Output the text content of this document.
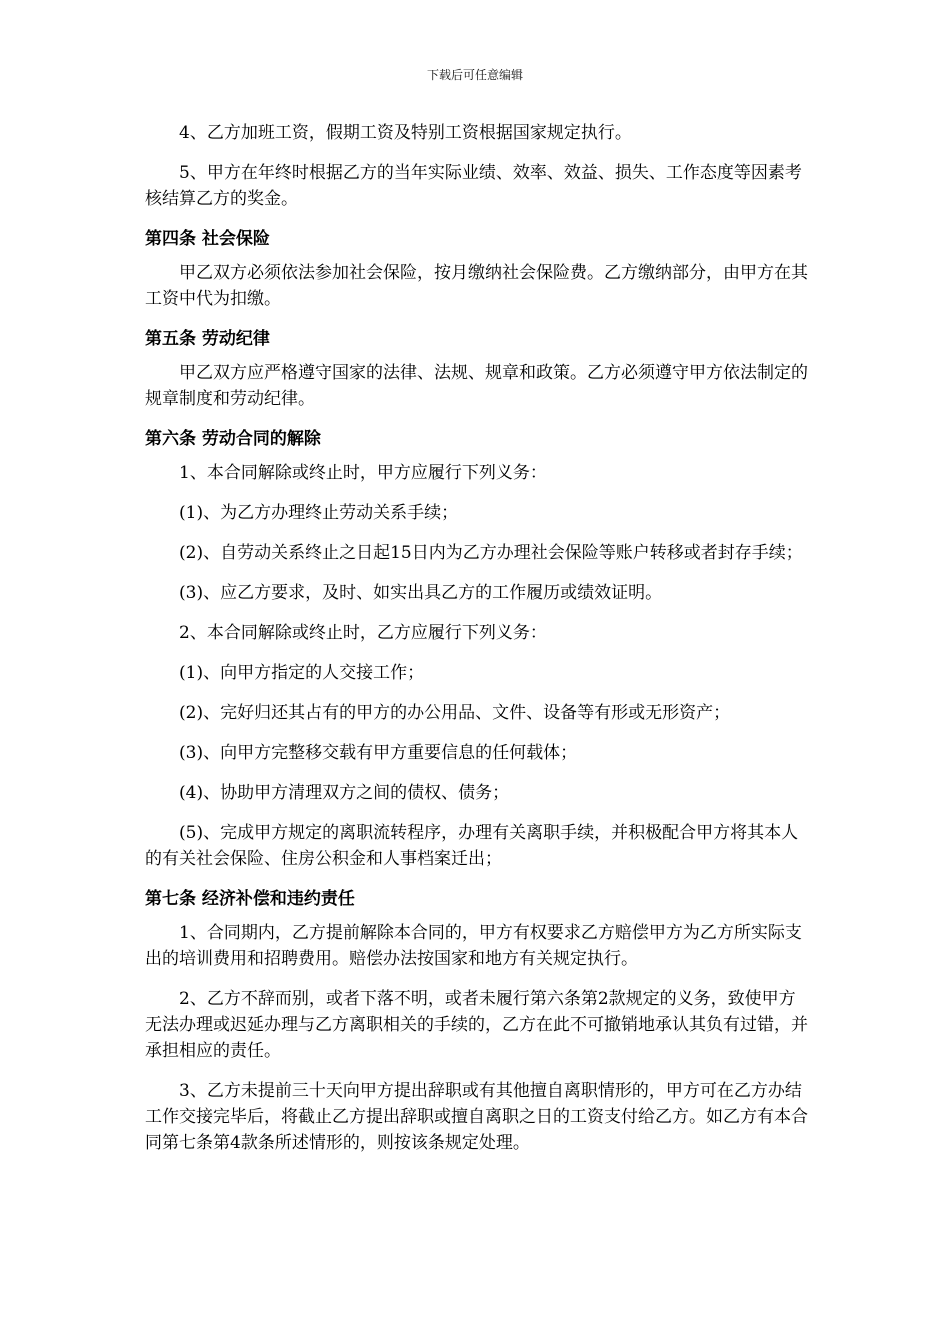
下载后可任意编辑

4、乙方加班工资，假期工资及特别工资根据国家规定执行。

5、甲方在年终时根据乙方的当年实际业绩、效率、效益、损失、工作态度等因素考核结算乙方的奖金。

第四条 社会保险

甲乙双方必须依法参加社会保险，按月缴纳社会保险费。乙方缴纳部分，由甲方在其工资中代为扣缴。

第五条 劳动纪律

甲乙双方应严格遵守国家的法律、法规、规章和政策。乙方必须遵守甲方依法制定的规章制度和劳动纪律。

第六条 劳动合同的解除

1、本合同解除或终止时，甲方应履行下列义务：

(1)、为乙方办理终止劳动关系手续；

(2)、自劳动关系终止之日起15日内为乙方办理社会保险等账户转移或者封存手续；

(3)、应乙方要求，及时、如实出具乙方的工作履历或绩效证明。

2、本合同解除或终止时，乙方应履行下列义务：

(1)、向甲方指定的人交接工作；

(2)、完好归还其占有的甲方的办公用品、文件、设备等有形或无形资产；

(3)、向甲方完整移交载有甲方重要信息的任何载体；

(4)、协助甲方清理双方之间的债权、债务；

(5)、完成甲方规定的离职流转程序，办理有关离职手续，并积极配合甲方将其本人的有关社会保险、住房公积金和人事档案迁出；

第七条 经济补偿和违约责任

1、合同期内，乙方提前解除本合同的，甲方有权要求乙方赔偿甲方为乙方所实际支出的培训费用和招聘费用。赔偿办法按国家和地方有关规定执行。

2、乙方不辞而别，或者下落不明，或者未履行第六条第2款规定的义务，致使甲方无法办理或迟延办理与乙方离职相关的手续的，乙方在此不可撤销地承认其负有过错，并承担相应的责任。

3、乙方未提前三十天向甲方提出辞职或有其他擅自离职情形的，甲方可在乙方办结工作交接完毕后，将截止乙方提出辞职或擅自离职之日的工资支付给乙方。如乙方有本合同第七条第4款条所述情形的，则按该条规定处理。
